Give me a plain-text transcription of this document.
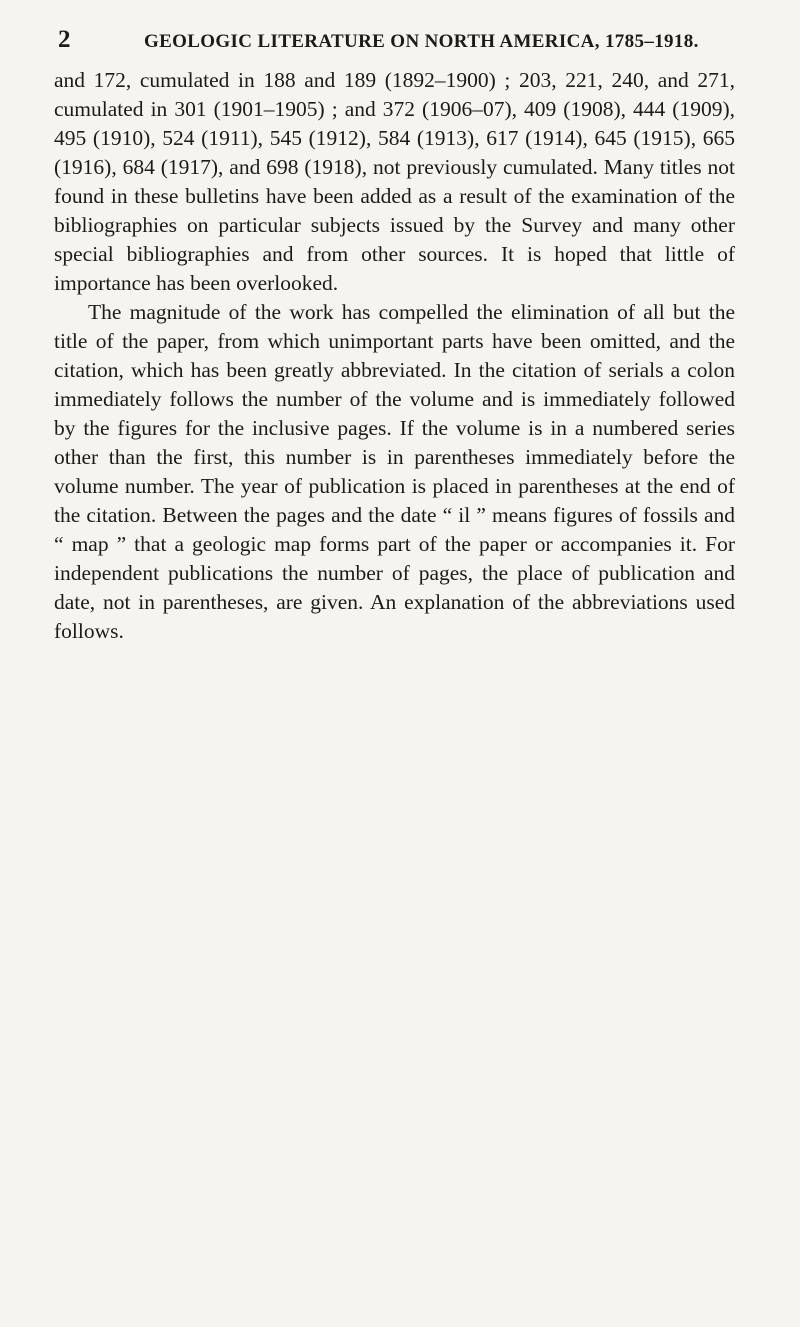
2	GEOLOGIC LITERATURE ON NORTH AMERICA, 1785–1918.

and 172, cumulated in 188 and 189 (1892–1900) ; 203, 221, 240, and 271, cumulated in 301 (1901–1905) ; and 372 (1906–07), 409 (1908), 444 (1909), 495 (1910), 524 (1911), 545 (1912), 584 (1913), 617 (1914), 645 (1915), 665 (1916), 684 (1917), and 698 (1918), not previously cumulated. Many titles not found in these bulletins have been added as a result of the examination of the bibliographies on particular subjects issued by the Survey and many other special bibliographies and from other sources. It is hoped that little of importance has been overlooked.

The magnitude of the work has compelled the elimination of all but the title of the paper, from which unimportant parts have been omitted, and the citation, which has been greatly abbreviated. In the citation of serials a colon immediately follows the number of the volume and is immediately followed by the figures for the inclusive pages. If the volume is in a numbered series other than the first, this number is in parentheses immediately before the volume number. The year of publication is placed in parentheses at the end of the citation. Between the pages and the date “ il ” means figures of fossils and “ map ” that a geologic map forms part of the paper or accompanies it. For independent publications the number of pages, the place of publication and date, not in parentheses, are given. An explanation of the abbreviations used follows.
